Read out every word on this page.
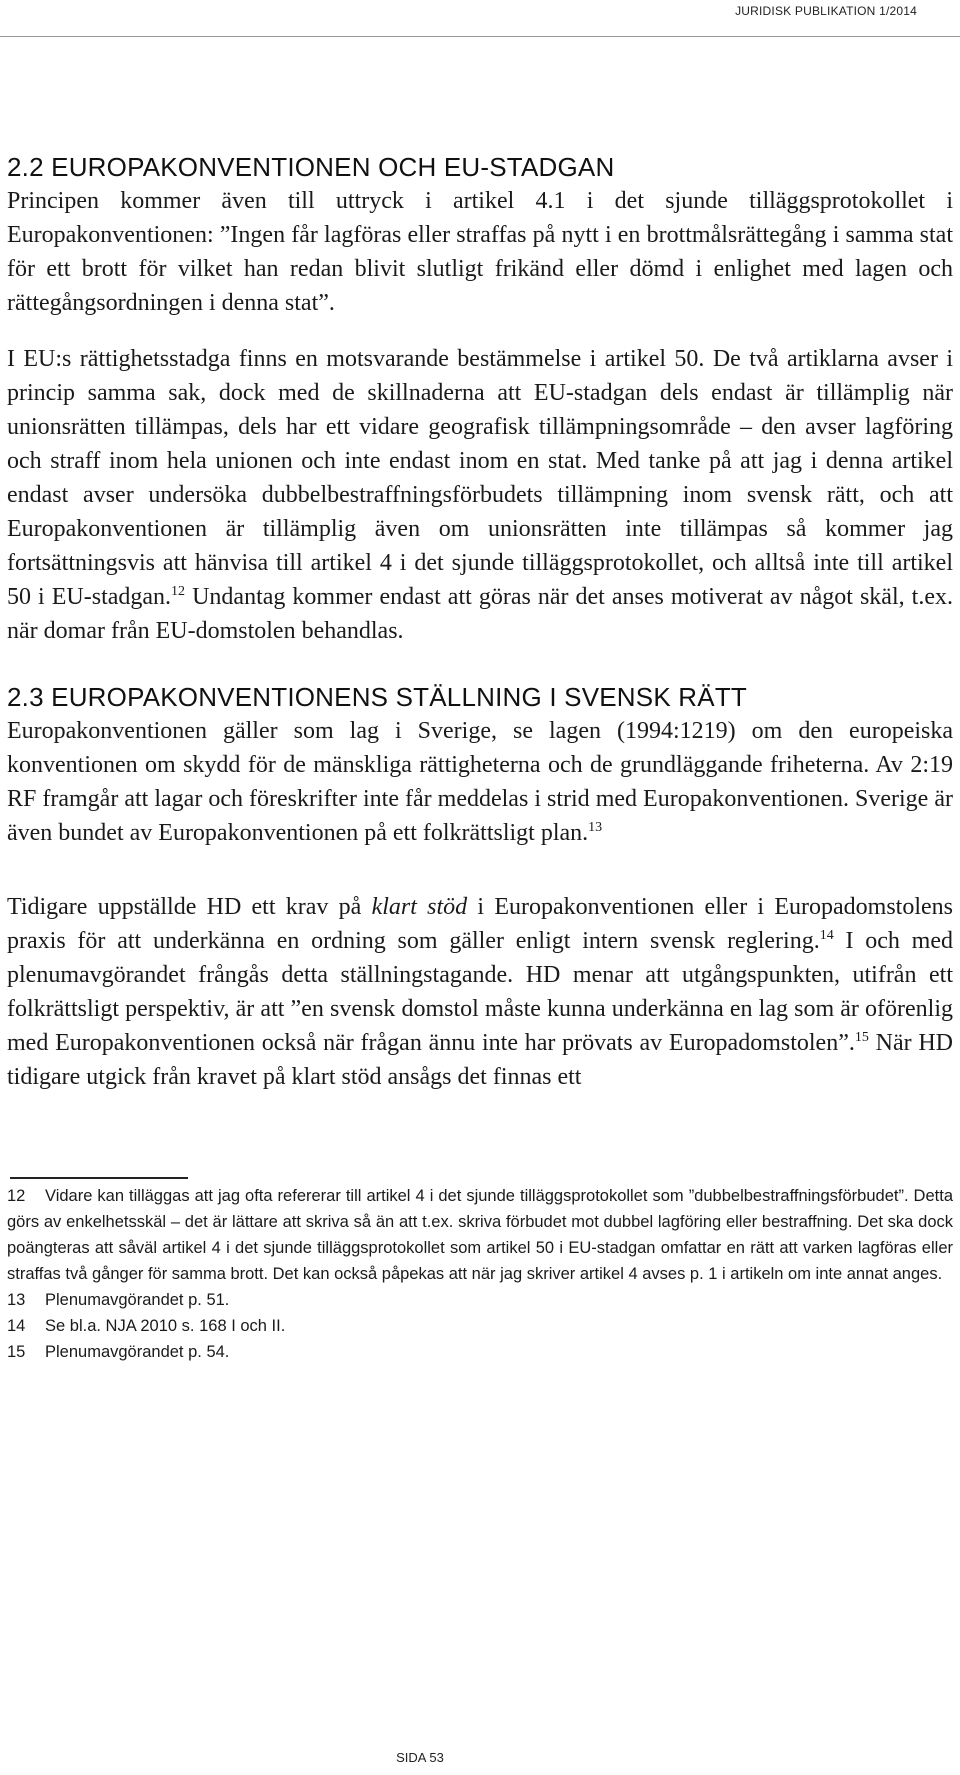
JURIDISK PUBLIKATION 1/2014
2.2 EUROPAKONVENTIONEN OCH EU-STADGAN

Principen kommer även till uttryck i artikel 4.1 i det sjunde tilläggsprotokollet i Europakonventionen: ”Ingen får lagföras eller straffas på nytt i en brottmålsrättegång i samma stat för ett brott för vilket han redan blivit slutligt frikänd eller dömd i enlighet med lagen och rättegångsordningen i denna stat”.

I EU:s rättighetsstadga finns en motsvarande bestämmelse i artikel 50. De två artiklarna avser i princip samma sak, dock med de skillnaderna att EU-stadgan dels endast är tillämplig när unionsrätten tillämpas, dels har ett vidare geografisk tillämpningsområde – den avser lagföring och straff inom hela unionen och inte endast inom en stat. Med tanke på att jag i denna artikel endast avser undersöka dubbelbestraffningsförbudets tillämpning inom svensk rätt, och att Europakonventionen är tillämplig även om unionsrätten inte tillämpas så kommer jag fortsättningsvis att hänvisa till artikel 4 i det sjunde tilläggsprotokollet, och alltså inte till artikel 50 i EU-stadgan.$^{12}$ Undantag kommer endast att göras när det anses motiverat av något skäl, t.ex. när domar från EU-domstolen behandlas.

2.3 EUROPAKONVENTIONENS STÄLLNING I SVENSK RÄTT

Europakonventionen gäller som lag i Sverige, se lagen (1994:1219) om den europeiska konventionen om skydd för de mänskliga rättigheterna och de grundläggande friheterna. Av 2:19 RF framgår att lagar och föreskrifter inte får meddelas i strid med Europakonventionen. Sverige är även bundet av Europakonventionen på ett folkrättsligt plan.$^{13}$

Tidigare uppställde HD ett krav på klart stöd i Europakonventionen eller i Europadomstolens praxis för att underkänna en ordning som gäller enligt intern svensk reglering.$^{14}$ I och med plenumavgörandet frångås detta ställningstagande. HD menar att utgångspunkten, utifrån ett folkrättsligt perspektiv, är att ”en svensk domstol måste kunna underkänna en lag som är oförenlig med Europakonventionen också när frågan ännu inte har prövats av Europadomstolen”.$^{15}$ När HD tidigare utgick från kravet på klart stöd ansågs det finnas ett

12 Vidare kan tilläggas att jag ofta refererar till artikel 4 i det sjunde tilläggsprotokollet som ”dubbelbestraffningsförbudet”. Detta görs av enkelhetsskäl – det är lättare att skriva så än att t.ex. skriva förbudet mot dubbel lagföring eller bestraffning. Det ska dock poängteras att såväl artikel 4 i det sjunde tilläggsprotokollet som artikel 50 i EU-stadgan omfattar en rätt att varken lagföras eller straffas två gånger för samma brott. Det kan också påpekas att när jag skriver artikel 4 avses p. 1 i artikeln om inte annat anges.

13 Plenumavgörandet p. 51.

14 Se bl.a. NJA 2010 s. 168 I och II.

15 Plenumavgörandet p. 54.

SIDA 53
